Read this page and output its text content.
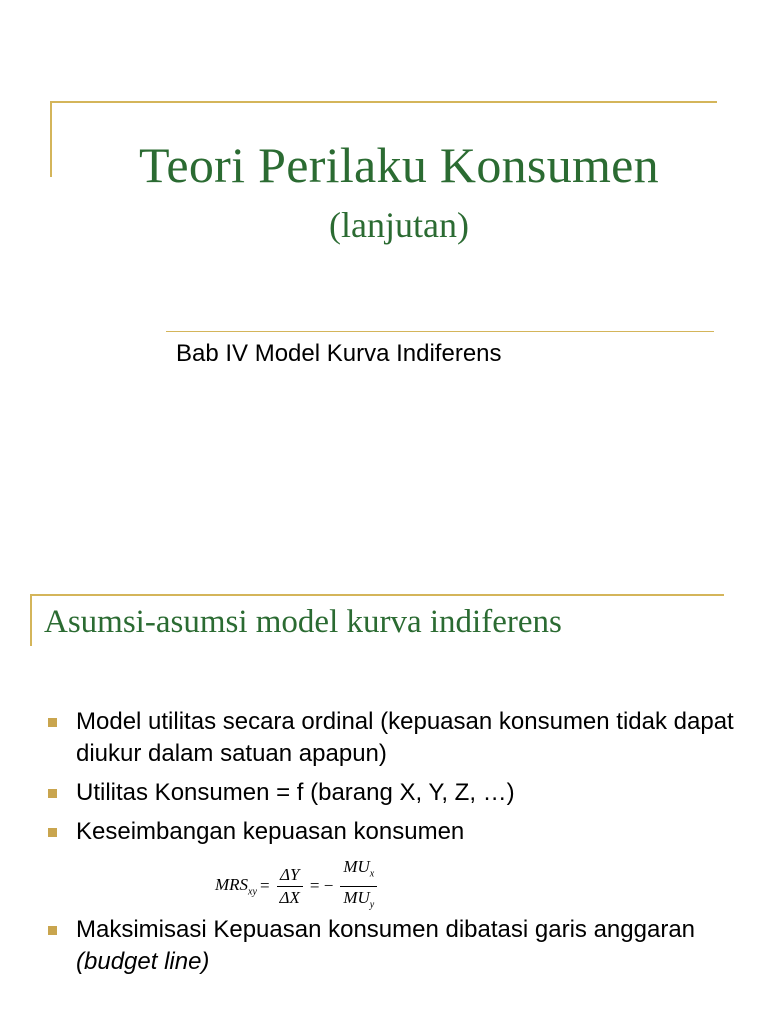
Teori Perilaku Konsumen
(lanjutan)
Bab IV Model Kurva Indiferens
Asumsi-asumsi model kurva indiferens
Model utilitas secara ordinal (kepuasan konsumen tidak dapat diukur dalam satuan apapun)
Utilitas Konsumen = f (barang X, Y, Z, …)
Keseimbangan kepuasan konsumen
Maksimisasi Kepuasan konsumen dibatasi garis anggaran (budget line)
$MRS_{xy} = \frac{\Delta Y}{\Delta X}$ = − $\frac{MU_x}{MU_y}$
